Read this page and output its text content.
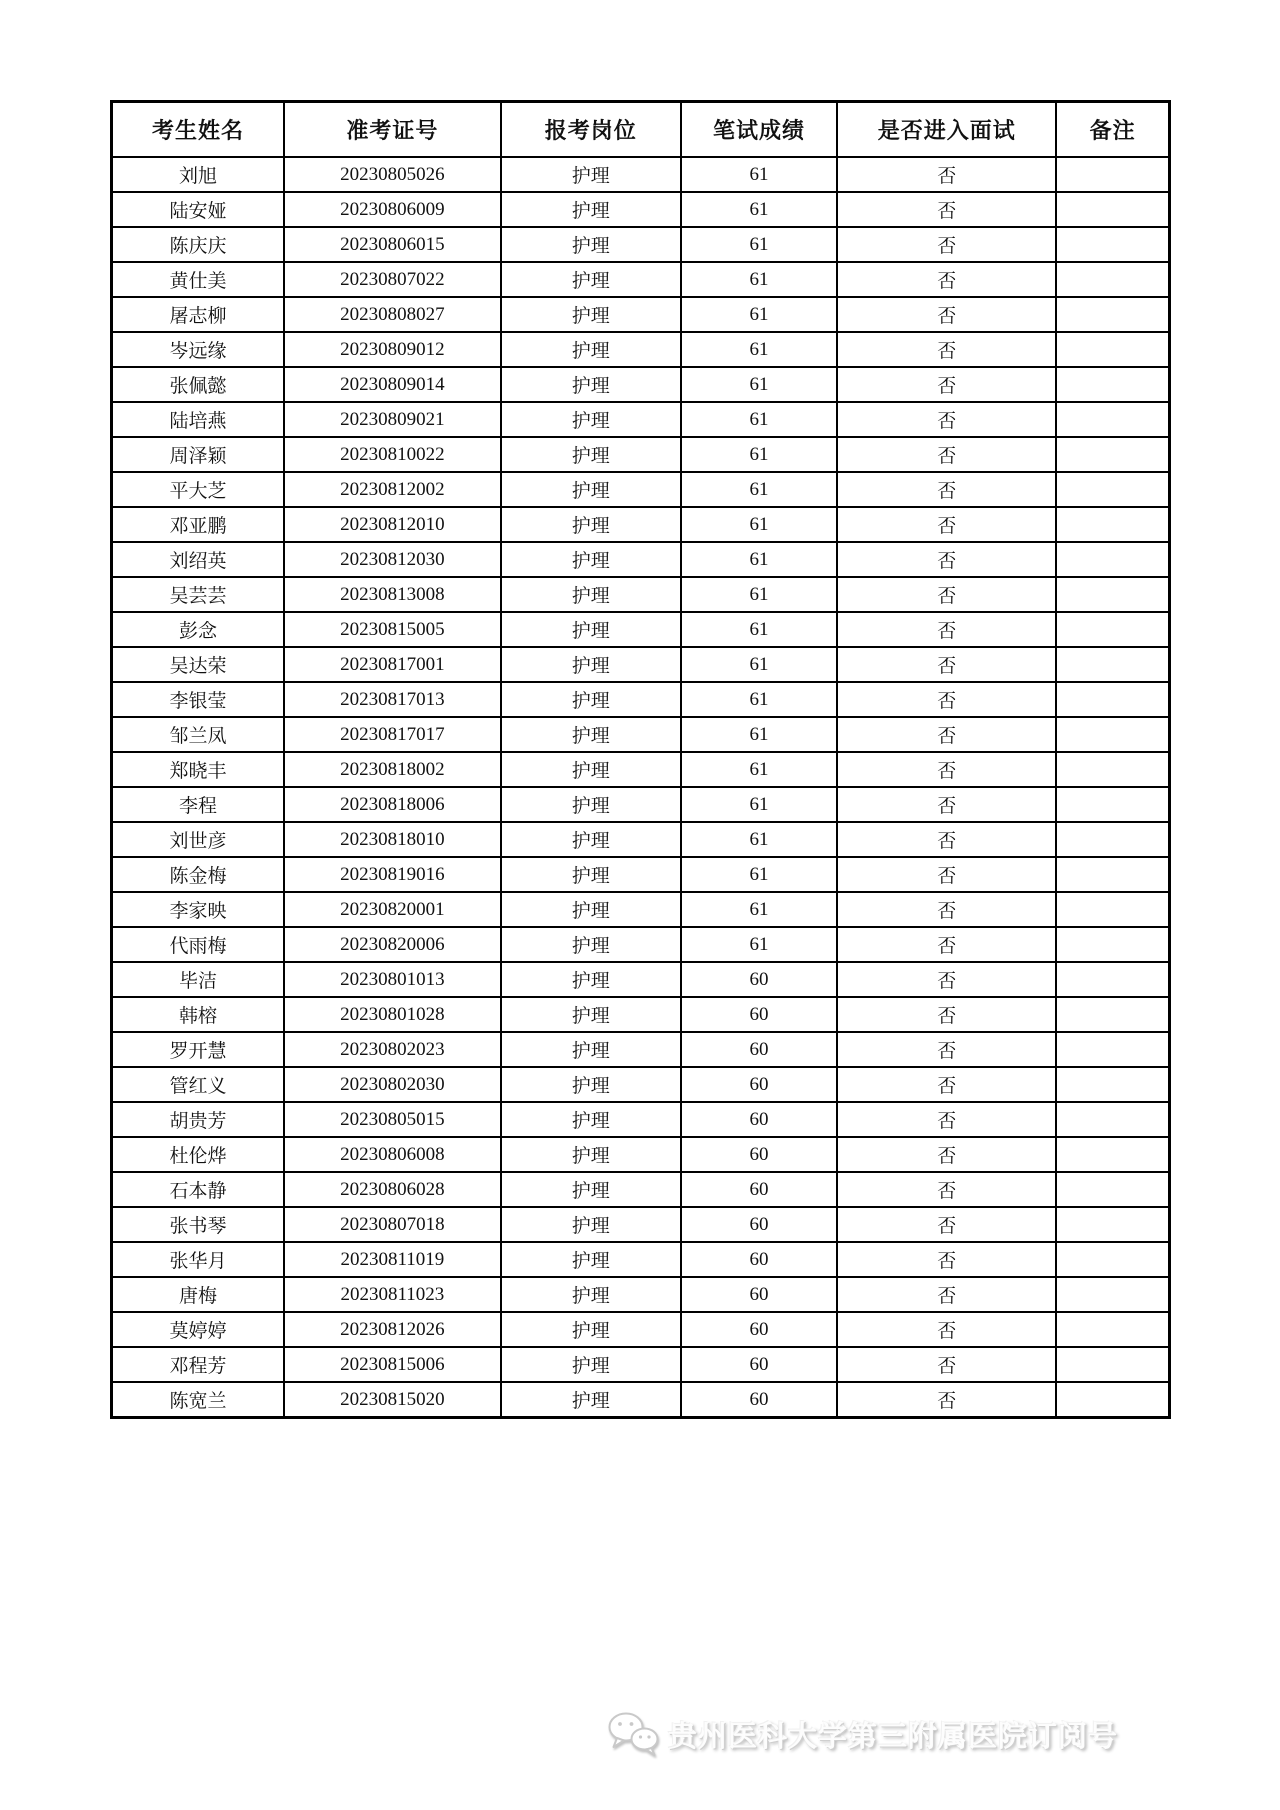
考生姓名	准考证号	报考岗位	笔试成绩	是否进入面试	备注
刘旭	20230805026	护理	61	否	
陆安娅	20230806009	护理	61	否	
陈庆庆	20230806015	护理	61	否	
黄仕美	20230807022	护理	61	否	
屠志柳	20230808027	护理	61	否	
岑远缘	20230809012	护理	61	否	
张佩懿	20230809014	护理	61	否	
陆培燕	20230809021	护理	61	否	
周泽颖	20230810022	护理	61	否	
平大芝	20230812002	护理	61	否	
邓亚鹏	20230812010	护理	61	否	
刘绍英	20230812030	护理	61	否	
吴芸芸	20230813008	护理	61	否	
彭念	20230815005	护理	61	否	
吴达荣	20230817001	护理	61	否	
李银莹	20230817013	护理	61	否	
邹兰凤	20230817017	护理	61	否	
郑晓丰	20230818002	护理	61	否	
李程	20230818006	护理	61	否	
刘世彦	20230818010	护理	61	否	
陈金梅	20230819016	护理	61	否	
李家映	20230820001	护理	61	否	
代雨梅	20230820006	护理	61	否	
毕洁	20230801013	护理	60	否	
韩榕	20230801028	护理	60	否	
罗开慧	20230802023	护理	60	否	
管红义	20230802030	护理	60	否	
胡贵芳	20230805015	护理	60	否	
杜伦烨	20230806008	护理	60	否	
石本静	20230806028	护理	60	否	
张书琴	20230807018	护理	60	否	
张华月	20230811019	护理	60	否	
唐梅	20230811023	护理	60	否	
莫婷婷	20230812026	护理	60	否	
邓程芳	20230815006	护理	60	否	
陈宽兰	20230815020	护理	60	否	
贵州医科大学第三附属医院订阅号
